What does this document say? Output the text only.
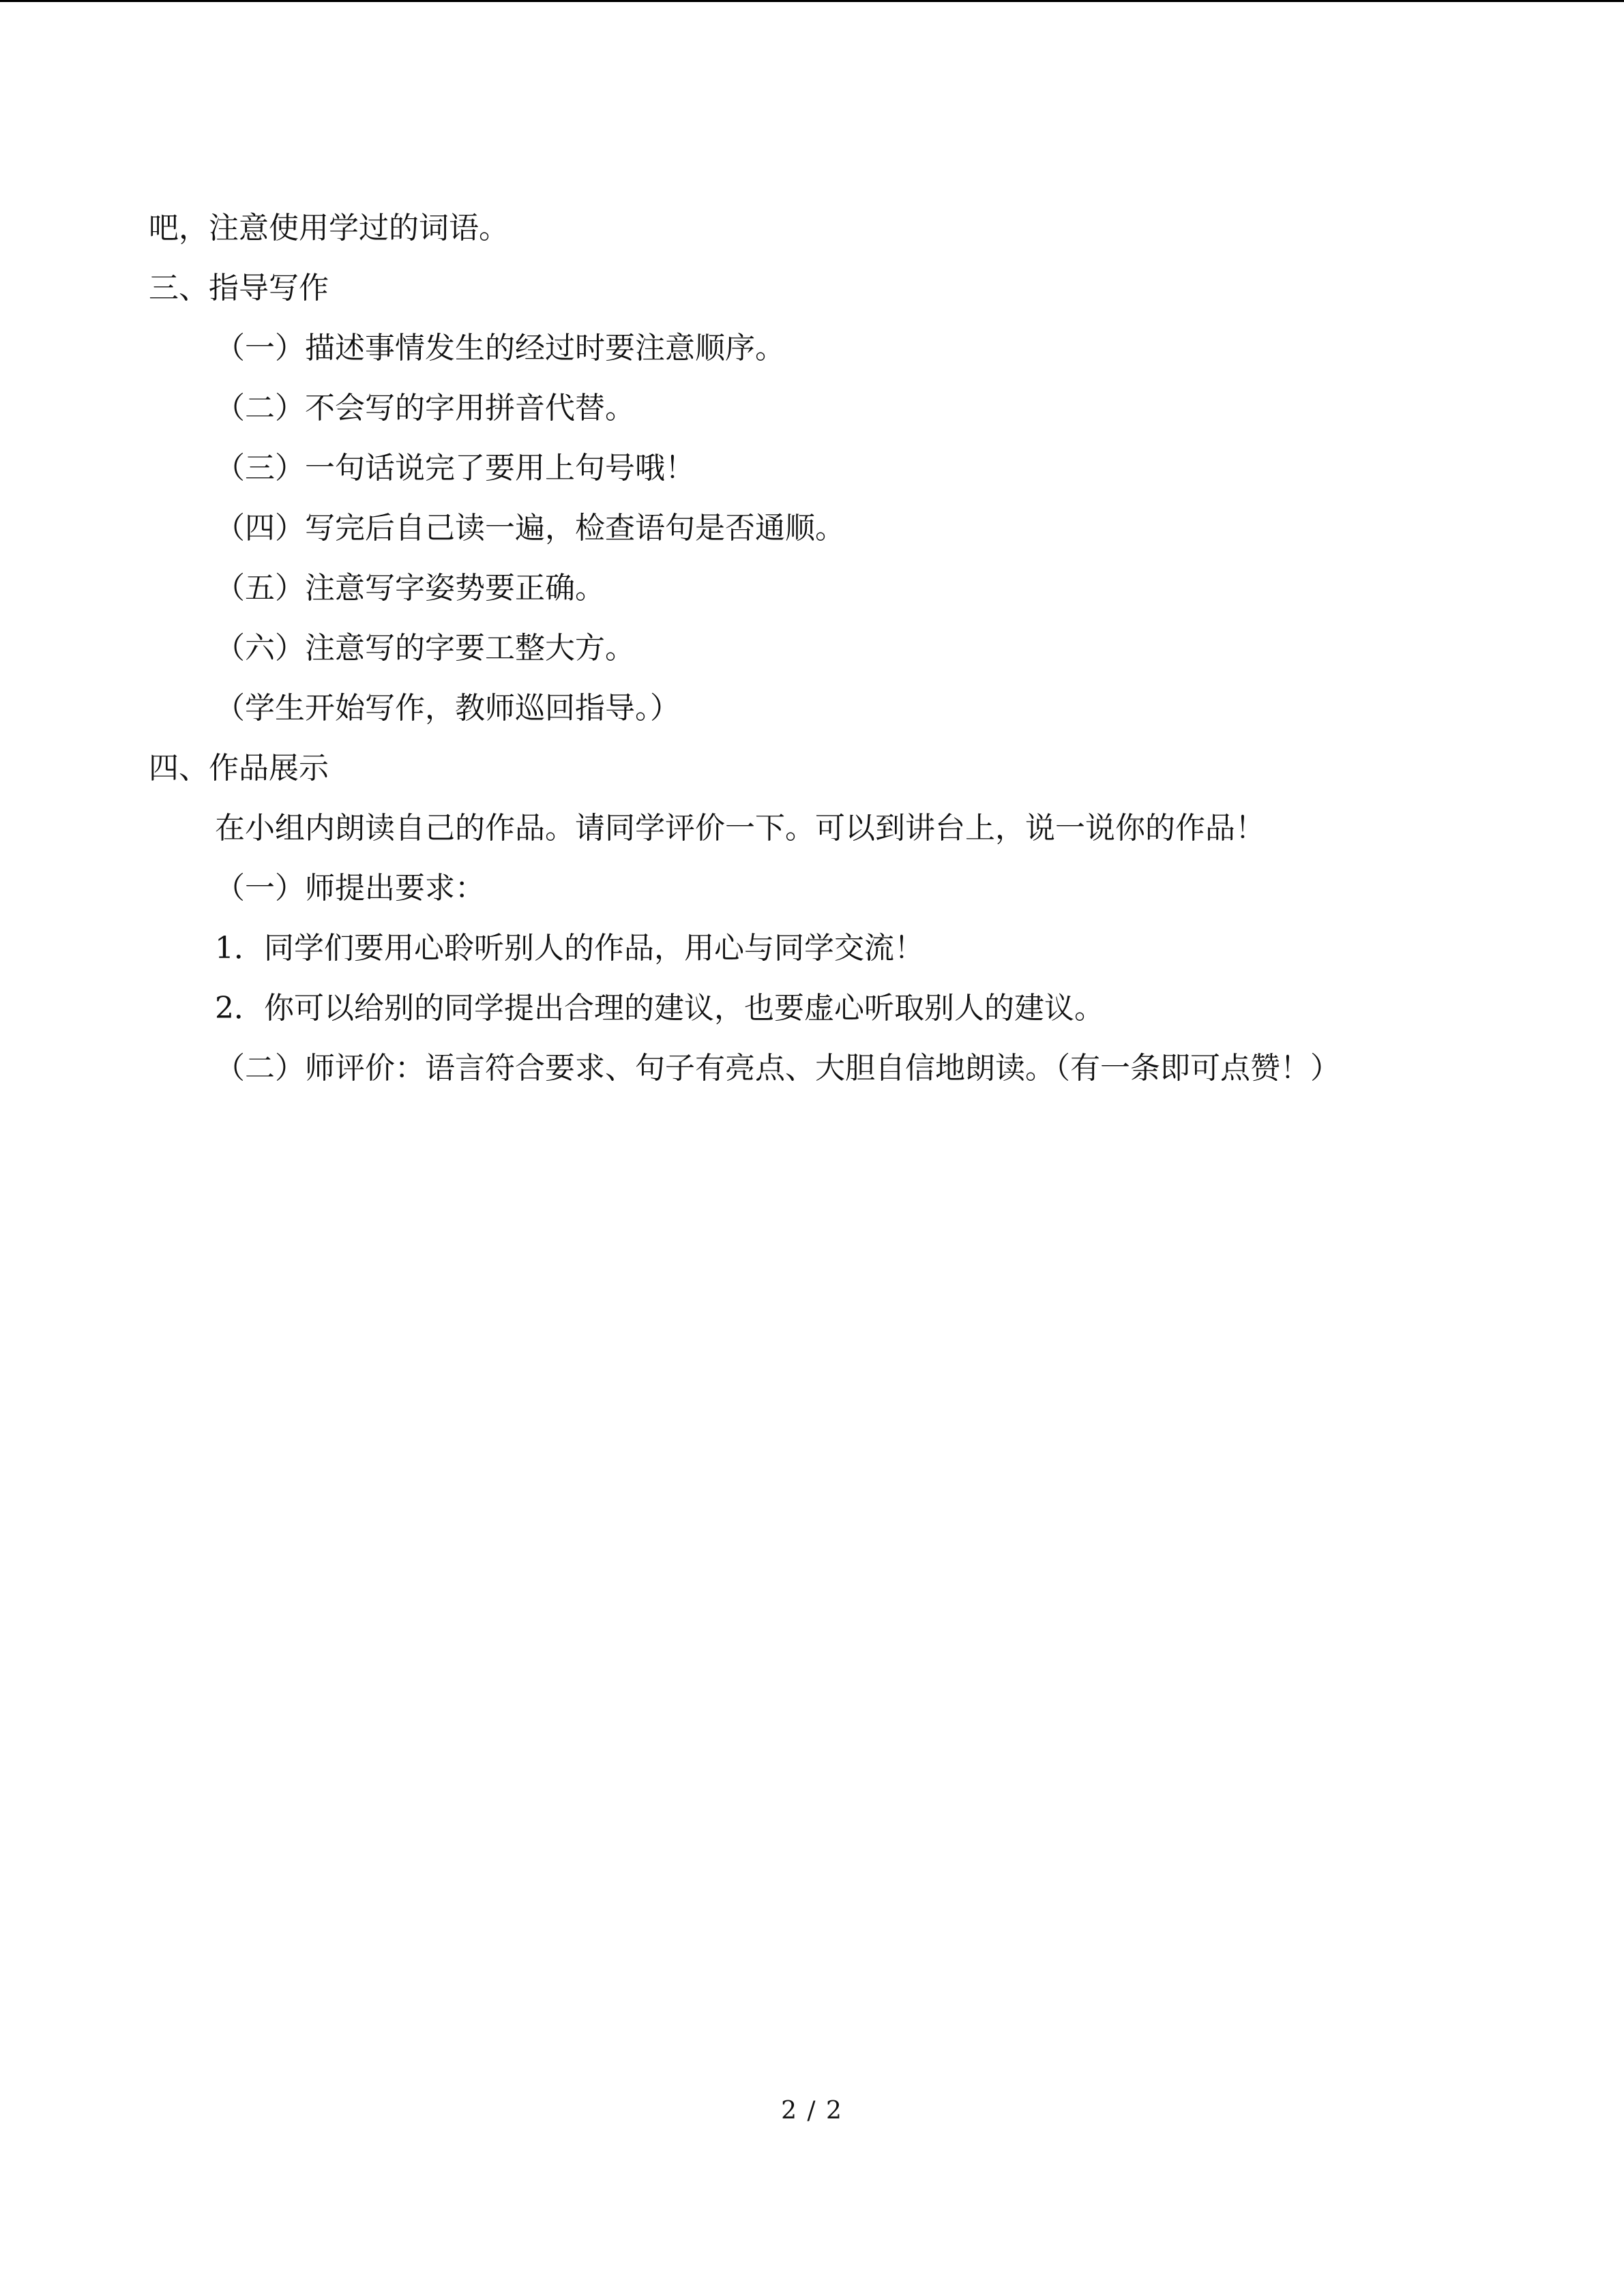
吧，注意使用学过的词语。
三、指导写作
（一）描述事情发生的经过时要注意顺序。
（二）不会写的字用拼音代替。
（三）一句话说完了要用上句号哦！
（四）写完后自己读一遍，检查语句是否通顺。
（五）注意写字姿势要正确。
（六）注意写的字要工整大方。
（学生开始写作，教师巡回指导。）
四、作品展示
在小组内朗读自己的作品。请同学评价一下。可以到讲台上，说一说你的作品！
（一）师提出要求：
1．同学们要用心聆听别人的作品，用心与同学交流！
2．你可以给别的同学提出合理的建议，也要虚心听取别人的建议。
（二）师评价：语言符合要求、句子有亮点、大胆自信地朗读。（有一条即可点赞！）
2 / 2
